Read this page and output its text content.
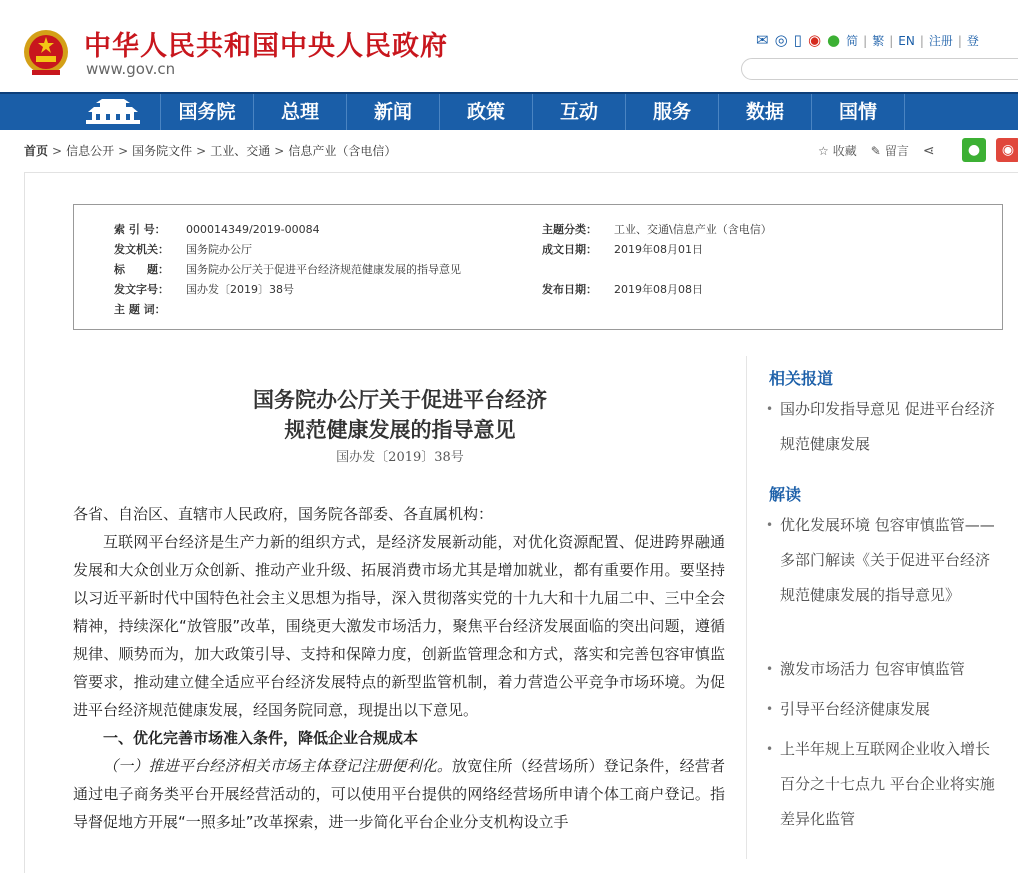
中华人民共和国中央人民政府
www.gov.cn
✉ ◎ ▯ ◉ ● 简 | 繁 | EN | 注册 | 登
国务院	总理	新闻	政策	互动	服务	数据	国情
首页 > 信息公开 > 国务院文件 > 工业、交通 > 信息产业（含电信）	☆ 收藏 ✎ 留言 ⋖	●	◉
索 引 号： 000014349/2019-00084	主题分类： 工业、交通\信息产业（含电信）
发文机关： 国务院办公厅	成文日期： 2019年08月01日
标　　题： 国务院办公厅关于促进平台经济规范健康发展的指导意见
发文字号： 国办发〔2019〕38号	发布日期： 2019年08月08日
主 题 词：
国务院办公厅关于促进平台经济
规范健康发展的指导意见
国办发〔2019〕38号

各省、自治区、直辖市人民政府，国务院各部委、各直属机构：

互联网平台经济是生产力新的组织方式，是经济发展新动能，对优化资源配置、促进跨界融通发展和大众创业万众创新、推动产业升级、拓展消费市场尤其是增加就业，都有重要作用。要坚持以习近平新时代中国特色社会主义思想为指导，深入贯彻落实党的十九大和十九届二中、三中全会精神，持续深化“放管服”改革，围绕更大激发市场活力，聚焦平台经济发展面临的突出问题，遵循规律、顺势而为，加大政策引导、支持和保障力度，创新监管理念和方式，落实和完善包容审慎监管要求，推动建立健全适应平台经济发展特点的新型监管机制，着力营造公平竞争市场环境。为促进平台经济规范健康发展，经国务院同意，现提出以下意见。

一、优化完善市场准入条件，降低企业合规成本

（一）推进平台经济相关市场主体登记注册便利化。放宽住所（经营场所）登记条件，经营者通过电子商务类平台开展经营活动的，可以使用平台提供的网络经营场所申请个体工商户登记。指导督促地方开展“一照多址”改革探索，进一步简化平台企业分支机构设立手

相关报道
• 国办印发指导意见 促进平台经济规范健康发展
解读
• 优化发展环境 包容审慎监管——多部门解读《关于促进平台经济规范健康发展的指导意见》
• 激发市场活力 包容审慎监管
• 引导平台经济健康发展
• 上半年规上互联网企业收入增长百分之十七点九 平台企业将实施差异化监管
